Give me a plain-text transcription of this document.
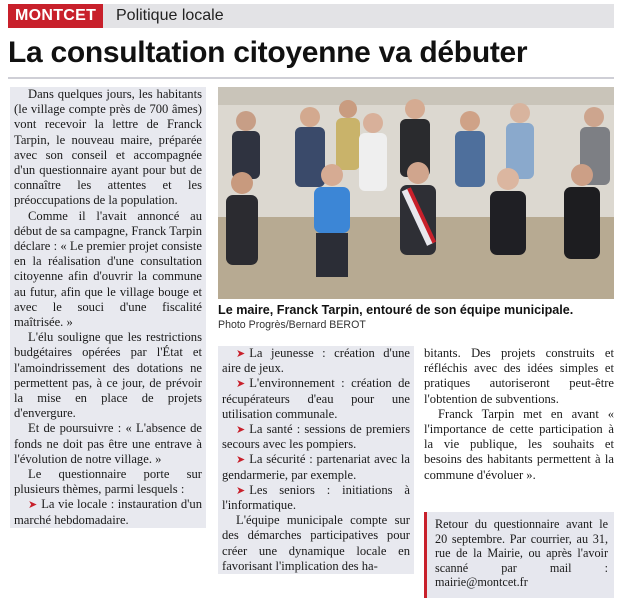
MONTCET	Politique locale
La consultation citoyenne va débuter

Dans quelques jours, les habitants (le village compte près de 700 âmes) vont recevoir la lettre de Franck Tarpin, le nouveau maire, préparée avec son conseil et accompagnée d'un questionnaire ayant pour but de connaître les attentes et les préoccupations de la population.

Comme il l'avait annoncé au début de sa campagne, Franck Tarpin déclare : « Le premier projet consiste en la réalisation d'une consultation citoyenne afin d'ouvrir la commune au futur, afin que le village bouge et avec le souci d'une fiscalité maîtrisée. »

L'élu souligne que les restrictions budgétaires opérées par l'État et l'amoindrissement des dotations ne permettent pas, à ce jour, de prévoir la mise en place de projets d'envergure.

Et de poursuivre : « L'absence de fonds ne doit pas être une entrave à l'évolution de notre village. »

Le questionnaire porte sur plusieurs thèmes, parmi lesquels :

➤ La vie locale : instauration d'un marché hebdomadaire.

Le maire, Franck Tarpin, entouré de son équipe municipale.
Photo Progrès/Bernard BEROT

➤ La jeunesse : création d'une aire de jeux.

➤ L'environnement : création de récupérateurs d'eau pour une utilisation communale.

➤ La santé : sessions de premiers secours avec les pompiers.

➤ La sécurité : partenariat avec la gendarmerie, par exemple.

➤ Les seniors : initiations à l'informatique.

L'équipe municipale compte sur des démarches participatives pour créer une dynamique locale en favorisant l'implication des ha-

bitants. Des projets construits et réfléchis avec des idées simples et pratiques autoriseront peut-être l'obtention de subventions.

Franck Tarpin met en avant « l'importance de cette participation à la vie publique, les souhaits et besoins des habitants permettent à la commune d'évoluer ».

Retour du questionnaire avant le 20 septembre. Par courrier, au 31, rue de la Mairie, ou après l'avoir scanné par mail : mairie@montcet.fr
